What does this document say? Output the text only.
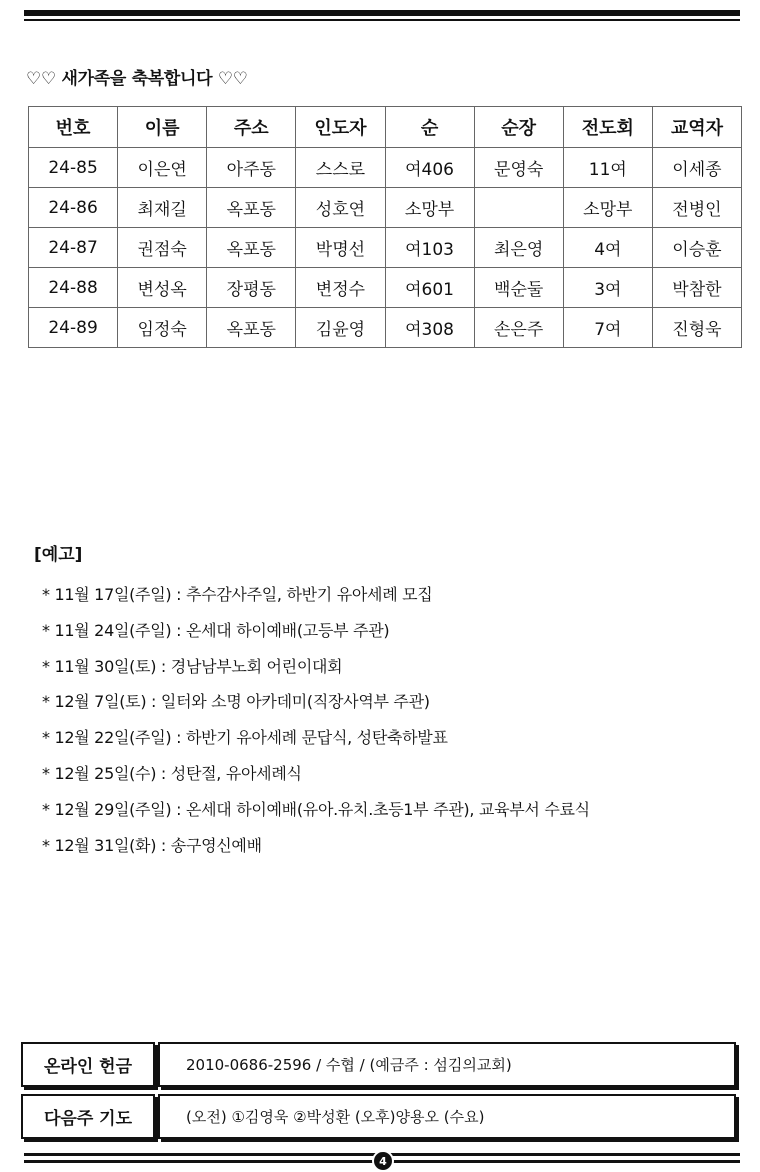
♡♡ 새가족을 축복합니다 ♡♡
번호	이름	주소	인도자	순	순장	전도회	교역자
24-85	이은연	아주동	스스로	여406	문영숙	11여	이세종
24-86	최재길	옥포동	성호연	소망부		소망부	전병인
24-87	권점숙	옥포동	박명선	여103	최은영	4여	이승훈
24-88	변성옥	장평동	변정수	여601	백순둘	3여	박참한
24-89	임정숙	옥포동	김윤영	여308	손은주	7여	진형욱
[예고]
* 11월 17일(주일) : 추수감사주일, 하반기 유아세례 모집
* 11월 24일(주일) : 온세대 하이예배(고등부 주관)
* 11월 30일(토) : 경남남부노회 어린이대회
* 12월 7일(토) : 일터와 소명 아카데미(직장사역부 주관)
* 12월 22일(주일) : 하반기 유아세례 문답식, 성탄축하발표
* 12월 25일(수) : 성탄절, 유아세례식
* 12월 29일(주일) : 온세대 하이예배(유아.유치.초등1부 주관), 교육부서 수료식
* 12월 31일(화) : 송구영신예배
온라인 헌금	2010-0686-2596 / 수협 / (예금주 : 섬김의교회)
다음주 기도	(오전) ①김영욱 ②박성환 (오후)양용오 (수요)
4
